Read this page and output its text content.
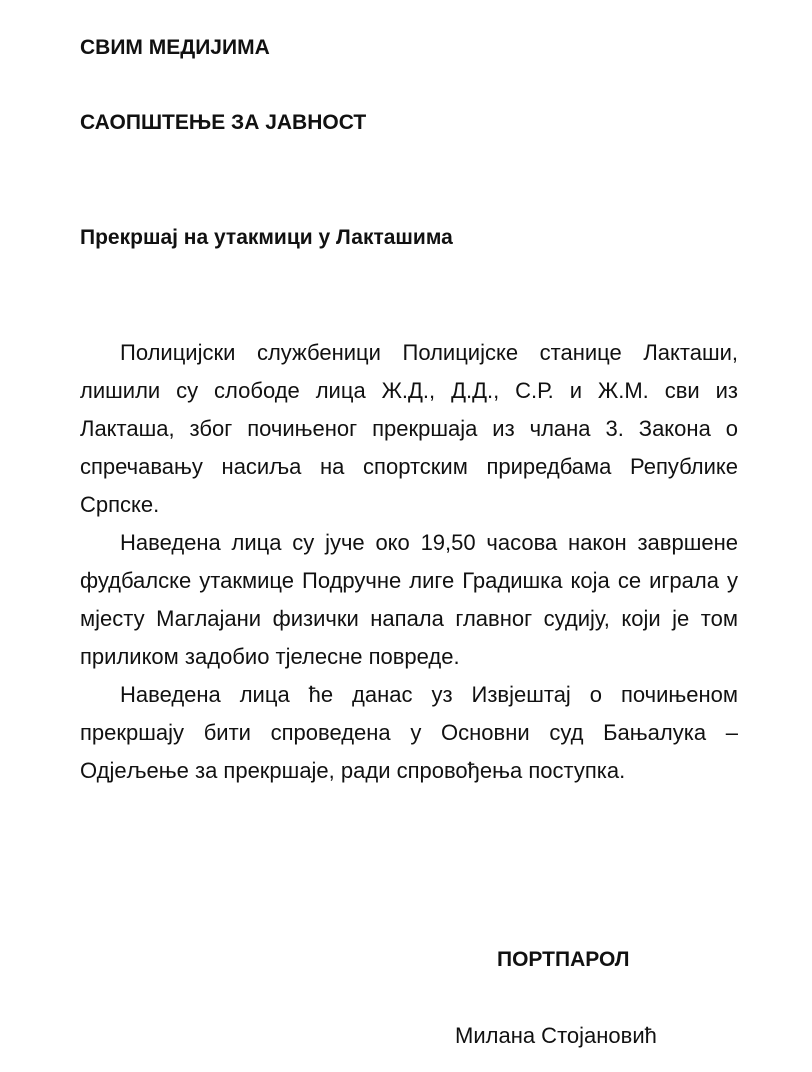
СВИМ МЕДИЈИМА

САОПШТЕЊЕ ЗА ЈАВНОСТ

Прекршај на утакмици у Лакташима

Полицијски службеници Полицијске станице Лакташи, лишили су слободе лица Ж.Д., Д.Д., С.Р. и Ж.М. сви из Лакташа, због почињеног прекршаја из члана 3. Закона о спречавању насиља на спортским приредбама Републике Српске.

Наведена лица су јуче око 19,50 часова након завршене фудбалске утакмице Подручне лиге Градишка која се играла у мјесту Маглајани физички напала главног судију, који је том приликом задобио тјелесне повреде.

Наведена лица ће данас уз Извјештај о почињеном прекршају бити спроведена у Основни суд Бањалука – Одјељење за прекршаје, ради спровођења поступка.

ПОРТПАРОЛ

Милана Стојановић
